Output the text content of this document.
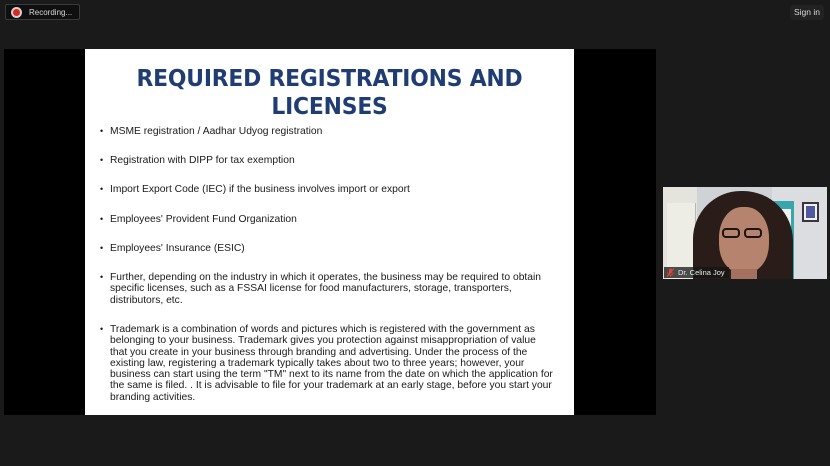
Recording...	Sign in
REQUIRED REGISTRATIONS AND LICENSES
• MSME registration / Aadhar Udyog registration
• Registration with DIPP for tax exemption
• Import Export Code (IEC) if the business involves import or export
• Employees' Provident Fund Organization
• Employees' Insurance (ESIC)
• Further, depending on the industry in which it operates, the business may be required to obtain specific licenses, such as a FSSAI license for food manufacturers, storage, transporters, distributors, etc.
• Trademark is a combination of words and pictures which is registered with the government as belonging to your business. Trademark gives you protection against misappropriation of value that you create in your business through branding and advertising. Under the process of the existing law, registering a trademark typically takes about two to three years; however, your business can start using the term "TM" next to its name from the date on which the application for the same is filed. . It is advisable to file for your trademark at an early stage, before you start your branding activities.
Dr. Celina Joy
